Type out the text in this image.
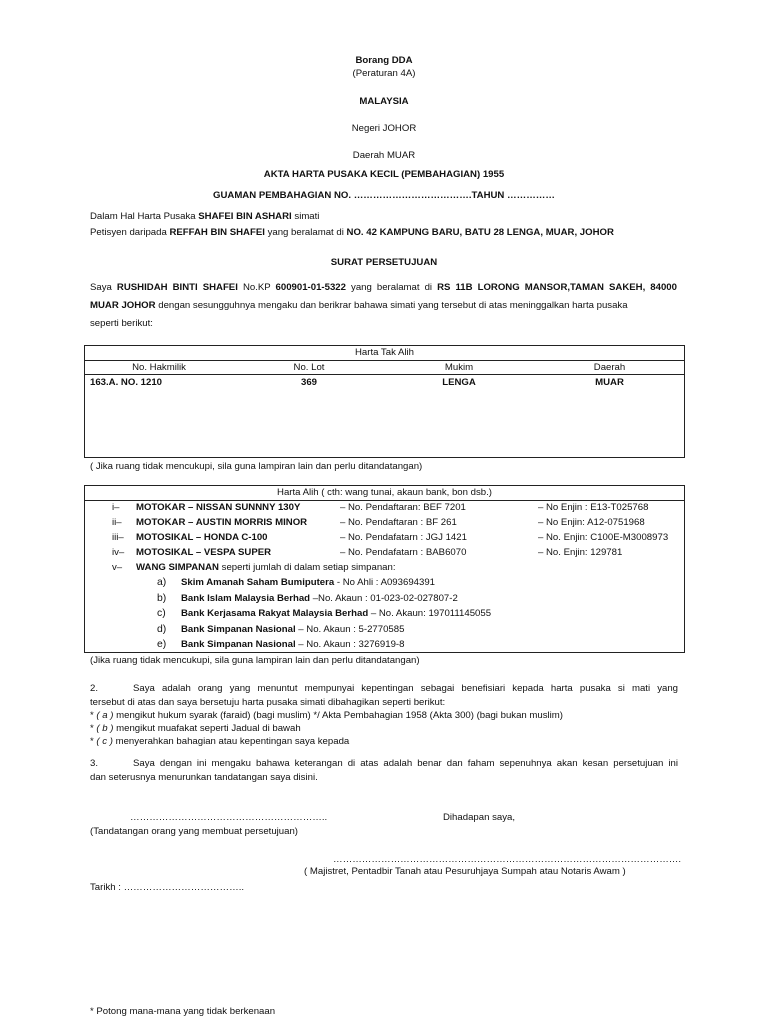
Borang DDA
(Peraturan 4A)
MALAYSIA
Negeri JOHOR
Daerah MUAR
AKTA HARTA PUSAKA KECIL (PEMBAHAGIAN) 1955
GUAMAN PEMBAHAGIAN NO. ……………………………….TAHUN ……………
Dalam Hal Harta Pusaka SHAFEI BIN ASHARI simati
Petisyen daripada REFFAH BIN SHAFEI yang beralamat di NO. 42 KAMPUNG BARU, BATU 28 LENGA, MUAR, JOHOR
SURAT PERSETUJUAN
Saya RUSHIDAH BINTI SHAFEI No.KP 600901-01-5322 yang beralamat di RS 11B LORONG MANSOR,TAMAN SAKEH, 84000
MUAR JOHOR dengan sesungguhnya mengaku dan berikrar bahawa simati yang tersebut di atas meninggalkan harta pusaka
seperti berikut:
Harta Tak Alih
No. Hakmilik	No. Lot	Mukim	Daerah
163.A. NO. 1210	369	LENGA	MUAR
( Jika ruang tidak mencukupi, sila guna lampiran lain dan perlu ditandatangan)
Harta Alih ( cth: wang tunai, akaun bank, bon dsb.)
i– MOTOKAR – NISSAN SUNNNY 130Y	– No. Pendaftaran: BEF 7201	– No Enjin : E13-T025768
ii– MOTOKAR – AUSTIN MORRIS MINOR	– No. Pendaftaran : BF 261	– No Enjin: A12-0751968
iii– MOTOSIKAL – HONDA C-100	– No. Pendafatarn : JGJ 1421	– No. Enjin: C100E-M3008973
iv– MOTOSIKAL – VESPA SUPER	– No. Pendafatarn : BAB6070	– No. Enjin: 129781
v– WANG SIMPANAN seperti jumlah di dalam setiap simpanan:
a) Skim Amanah Saham Bumiputera - No Ahli : A093694391
b) Bank Islam Malaysia Berhad –No. Akaun : 01-023-02-027807-2
c) Bank Kerjasama Rakyat Malaysia Berhad – No. Akaun: 197011145055
d) Bank Simpanan Nasional – No. Akaun : 5-2770585
e) Bank Simpanan Nasional – No. Akaun : 3276919-8
(Jika ruang tidak mencukupi, sila guna lampiran lain dan perlu ditandatangan)
2.	Saya adalah orang yang menuntut mempunyai kepentingan sebagai benefisiari kepada harta pusaka si mati yang
tersebut di atas dan saya bersetuju harta pusaka simati dibahagikan seperti berikut:
* ( a ) mengikut hukum syarak (faraid) (bagi muslim) */ Akta Pembahagian 1958 (Akta 300) (bagi bukan muslim)
* ( b ) mengikut muafakat seperti Jadual di bawah
* ( c ) menyerahkan bahagian atau kepentingan saya kepada
3.	Saya dengan ini mengaku bahawa keterangan di atas adalah benar dan faham sepenuhnya akan kesan persetujuan ini
dan seterusnya menurunkan tandatangan saya disini.
……………………………………………………..	Dihadapan saya,
(Tandatangan orang yang membuat persetujuan)
……………………………………………………………………………………………….
( Majistret, Pentadbir Tanah atau Pesuruhjaya Sumpah atau Notaris Awam )
Tarikh : ………………………………..
* Potong mana-mana yang tidak berkenaan
